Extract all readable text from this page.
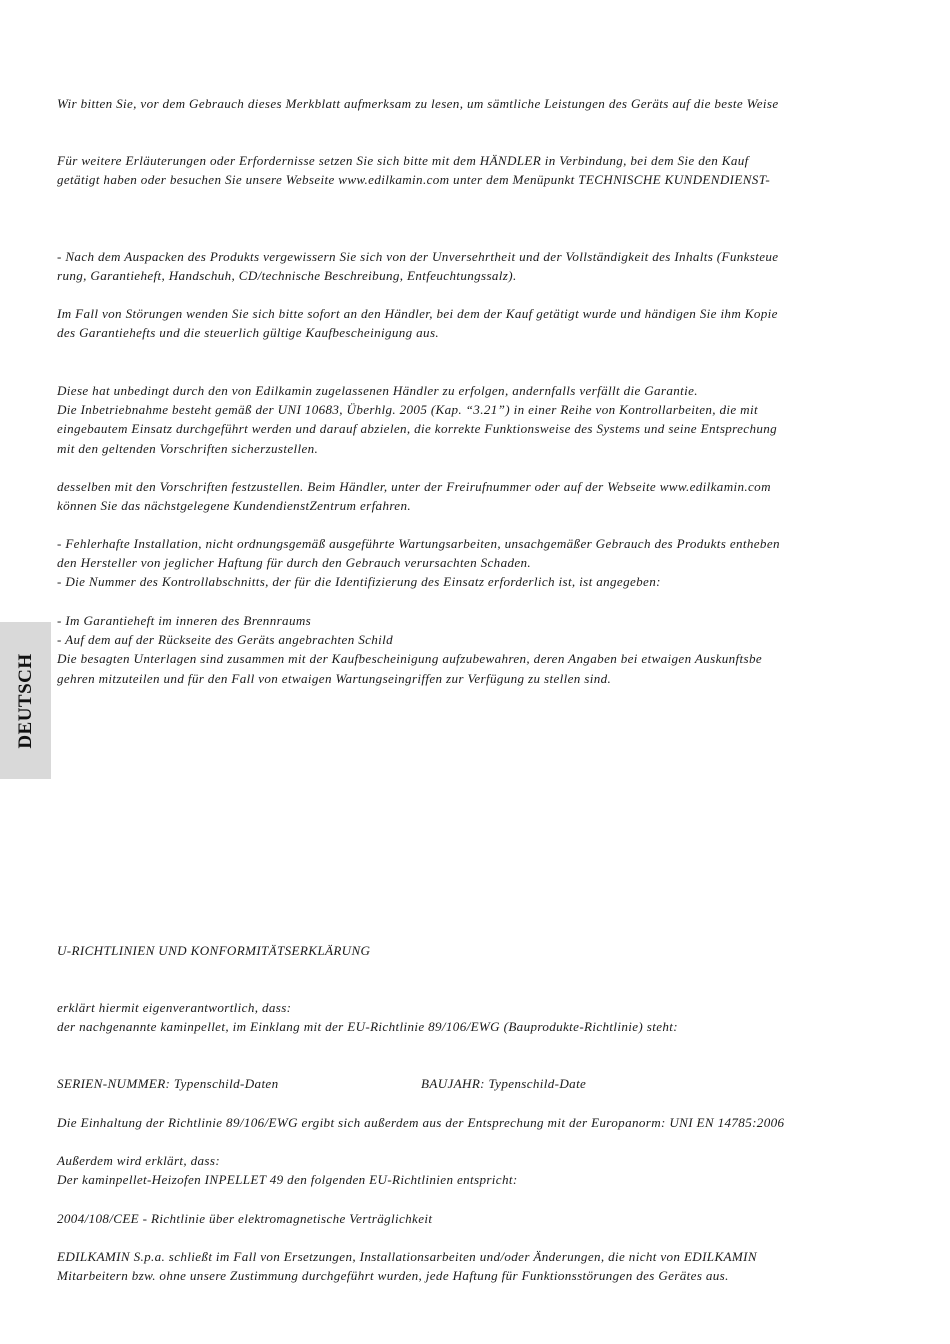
DEUTSCH
Wir bitten Sie, vor dem Gebrauch dieses Merkblatt aufmerksam zu lesen, um sämtliche Leistungen des Geräts auf die beste Weise
Für weitere Erläuterungen oder Erfordernisse setzen Sie sich bitte mit dem HÄNDLER in Verbindung, bei dem Sie den Kauf
getätigt haben oder besuchen Sie unsere Webseite www.edilkamin.com unter dem Menüpunkt TECHNISCHE KUNDENDIENST-
- Nach dem Auspacken des Produkts vergewissern Sie sich von der Unversehrtheit und der Vollständigkeit des Inhalts (Funksteue
rung, Garantieheft, Handschuh, CD/technische Beschreibung, Entfeuchtungssalz).
Im Fall von Störungen wenden Sie sich bitte sofort an den Händler, bei dem der Kauf getätigt wurde und händigen Sie ihm Kopie
des Garantiehefts und die steuerlich gültige Kaufbescheinigung aus.
Diese hat unbedingt durch den von Edilkamin zugelassenen Händler zu erfolgen, andernfalls verfällt die Garantie.
Die Inbetriebnahme besteht gemäß der UNI 10683, Überhlg. 2005 (Kap. “3.21”) in einer Reihe von Kontrollarbeiten, die mit
eingebautem Einsatz durchgeführt werden und darauf abzielen, die korrekte Funktionsweise des Systems und seine Entsprechung
mit den geltenden Vorschriften sicherzustellen.
desselben mit den Vorschriften festzustellen. Beim Händler, unter der Freirufnummer oder auf der Webseite www.edilkamin.com
können Sie das nächstgelegene KundendienstZentrum erfahren.
- Fehlerhafte Installation, nicht ordnungsgemäß ausgeführte Wartungsarbeiten, unsachgemäßer Gebrauch des Produkts entheben
den Hersteller von jeglicher Haftung für durch den Gebrauch verursachten Schaden.
- Die Nummer des Kontrollabschnitts, der für die Identifizierung des Einsatz erforderlich ist, ist angegeben:
- Im Garantieheft im inneren des Brennraums
- Auf dem auf der Rückseite des Geräts angebrachten Schild
Die besagten Unterlagen sind zusammen mit der Kaufbescheinigung aufzubewahren, deren Angaben bei etwaigen Auskunftsbe
gehren mitzuteilen und für den Fall von etwaigen Wartungseingriffen zur Verfügung zu stellen sind.
U-RICHTLINIEN UND KONFORMITÄTSERKLÄRUNG
erklärt hiermit eigenverantwortlich, dass:
der nachgenannte kaminpellet, im Einklang mit der EU-Richtlinie 89/106/EWG (Bauprodukte-Richtlinie) steht:
SERIEN-NUMMER: Typenschild-Daten	BAUJAHR: Typenschild-Date
Die Einhaltung der Richtlinie 89/106/EWG ergibt sich außerdem aus der Entsprechung mit der Europanorm: UNI EN 14785:2006
Außerdem wird erklärt, dass:
Der kaminpellet-Heizofen INPELLET 49 den folgenden EU-Richtlinien entspricht:
2004/108/CEE - Richtlinie über elektromagnetische Verträglichkeit
EDILKAMIN S.p.a. schließt im Fall von Ersetzungen, Installationsarbeiten und/oder Änderungen, die nicht von EDILKAMIN
Mitarbeitern bzw. ohne unsere Zustimmung durchgeführt wurden, jede Haftung für Funktionsstörungen des Gerätes aus.
